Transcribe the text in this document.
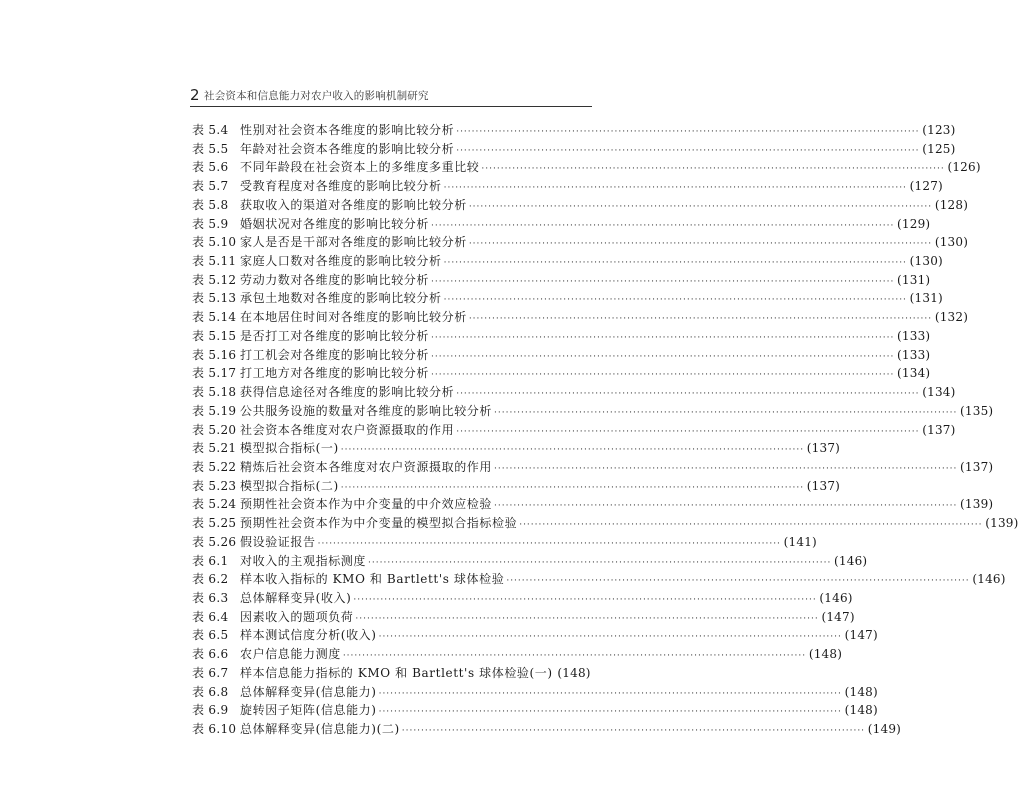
2 社会资本和信息能力对农户收入的影响机制研究
表 5.4 性别对社会资本各维度的影响比较分析 ························································································································ (123)
表 5.5 年龄对社会资本各维度的影响比较分析 ························································································································ (125)
表 5.6 不同年龄段在社会资本上的多维度多重比较 ························································································································ (126)
表 5.7 受教育程度对各维度的影响比较分析 ························································································································ (127)
表 5.8 获取收入的渠道对各维度的影响比较分析 ························································································································ (128)
表 5.9 婚姻状况对各维度的影响比较分析 ························································································································ (129)
表 5.10 家人是否是干部对各维度的影响比较分析 ························································································································ (130)
表 5.11 家庭人口数对各维度的影响比较分析 ························································································································ (130)
表 5.12 劳动力数对各维度的影响比较分析 ························································································································ (131)
表 5.13 承包土地数对各维度的影响比较分析 ························································································································ (131)
表 5.14 在本地居住时间对各维度的影响比较分析 ························································································································ (132)
表 5.15 是否打工对各维度的影响比较分析 ························································································································ (133)
表 5.16 打工机会对各维度的影响比较分析 ························································································································ (133)
表 5.17 打工地方对各维度的影响比较分析 ························································································································ (134)
表 5.18 获得信息途径对各维度的影响比较分析 ························································································································ (134)
表 5.19 公共服务设施的数量对各维度的影响比较分析 ························································································································ (135)
表 5.20 社会资本各维度对农户资源摄取的作用 ························································································································ (137)
表 5.21 模型拟合指标(一) ························································································································ (137)
表 5.22 精炼后社会资本各维度对农户资源摄取的作用 ························································································································ (137)
表 5.23 模型拟合指标(二) ························································································································ (137)
表 5.24 预期性社会资本作为中介变量的中介效应检验 ························································································································ (139)
表 5.25 预期性社会资本作为中介变量的模型拟合指标检验 ························································································································ (139)
表 5.26 假设验证报告 ························································································································ (141)
表 6.1 对收入的主观指标测度 ························································································································ (146)
表 6.2 样本收入指标的 KMO 和 Bartlett's 球体检验 ························································································································ (146)
表 6.3 总体解释变异(收入) ························································································································ (146)
表 6.4 因素收入的题项负荷 ························································································································ (147)
表 6.5 样本测试信度分析(收入) ························································································································ (147)
表 6.6 农户信息能力测度 ························································································································ (148)
表 6.7 样本信息能力指标的 KMO 和 Bartlett's 球体检验(一) (148)
表 6.8 总体解释变异(信息能力) ························································································································ (148)
表 6.9 旋转因子矩阵(信息能力) ························································································································ (148)
表 6.10 总体解释变异(信息能力)(二) ························································································································ (149)
